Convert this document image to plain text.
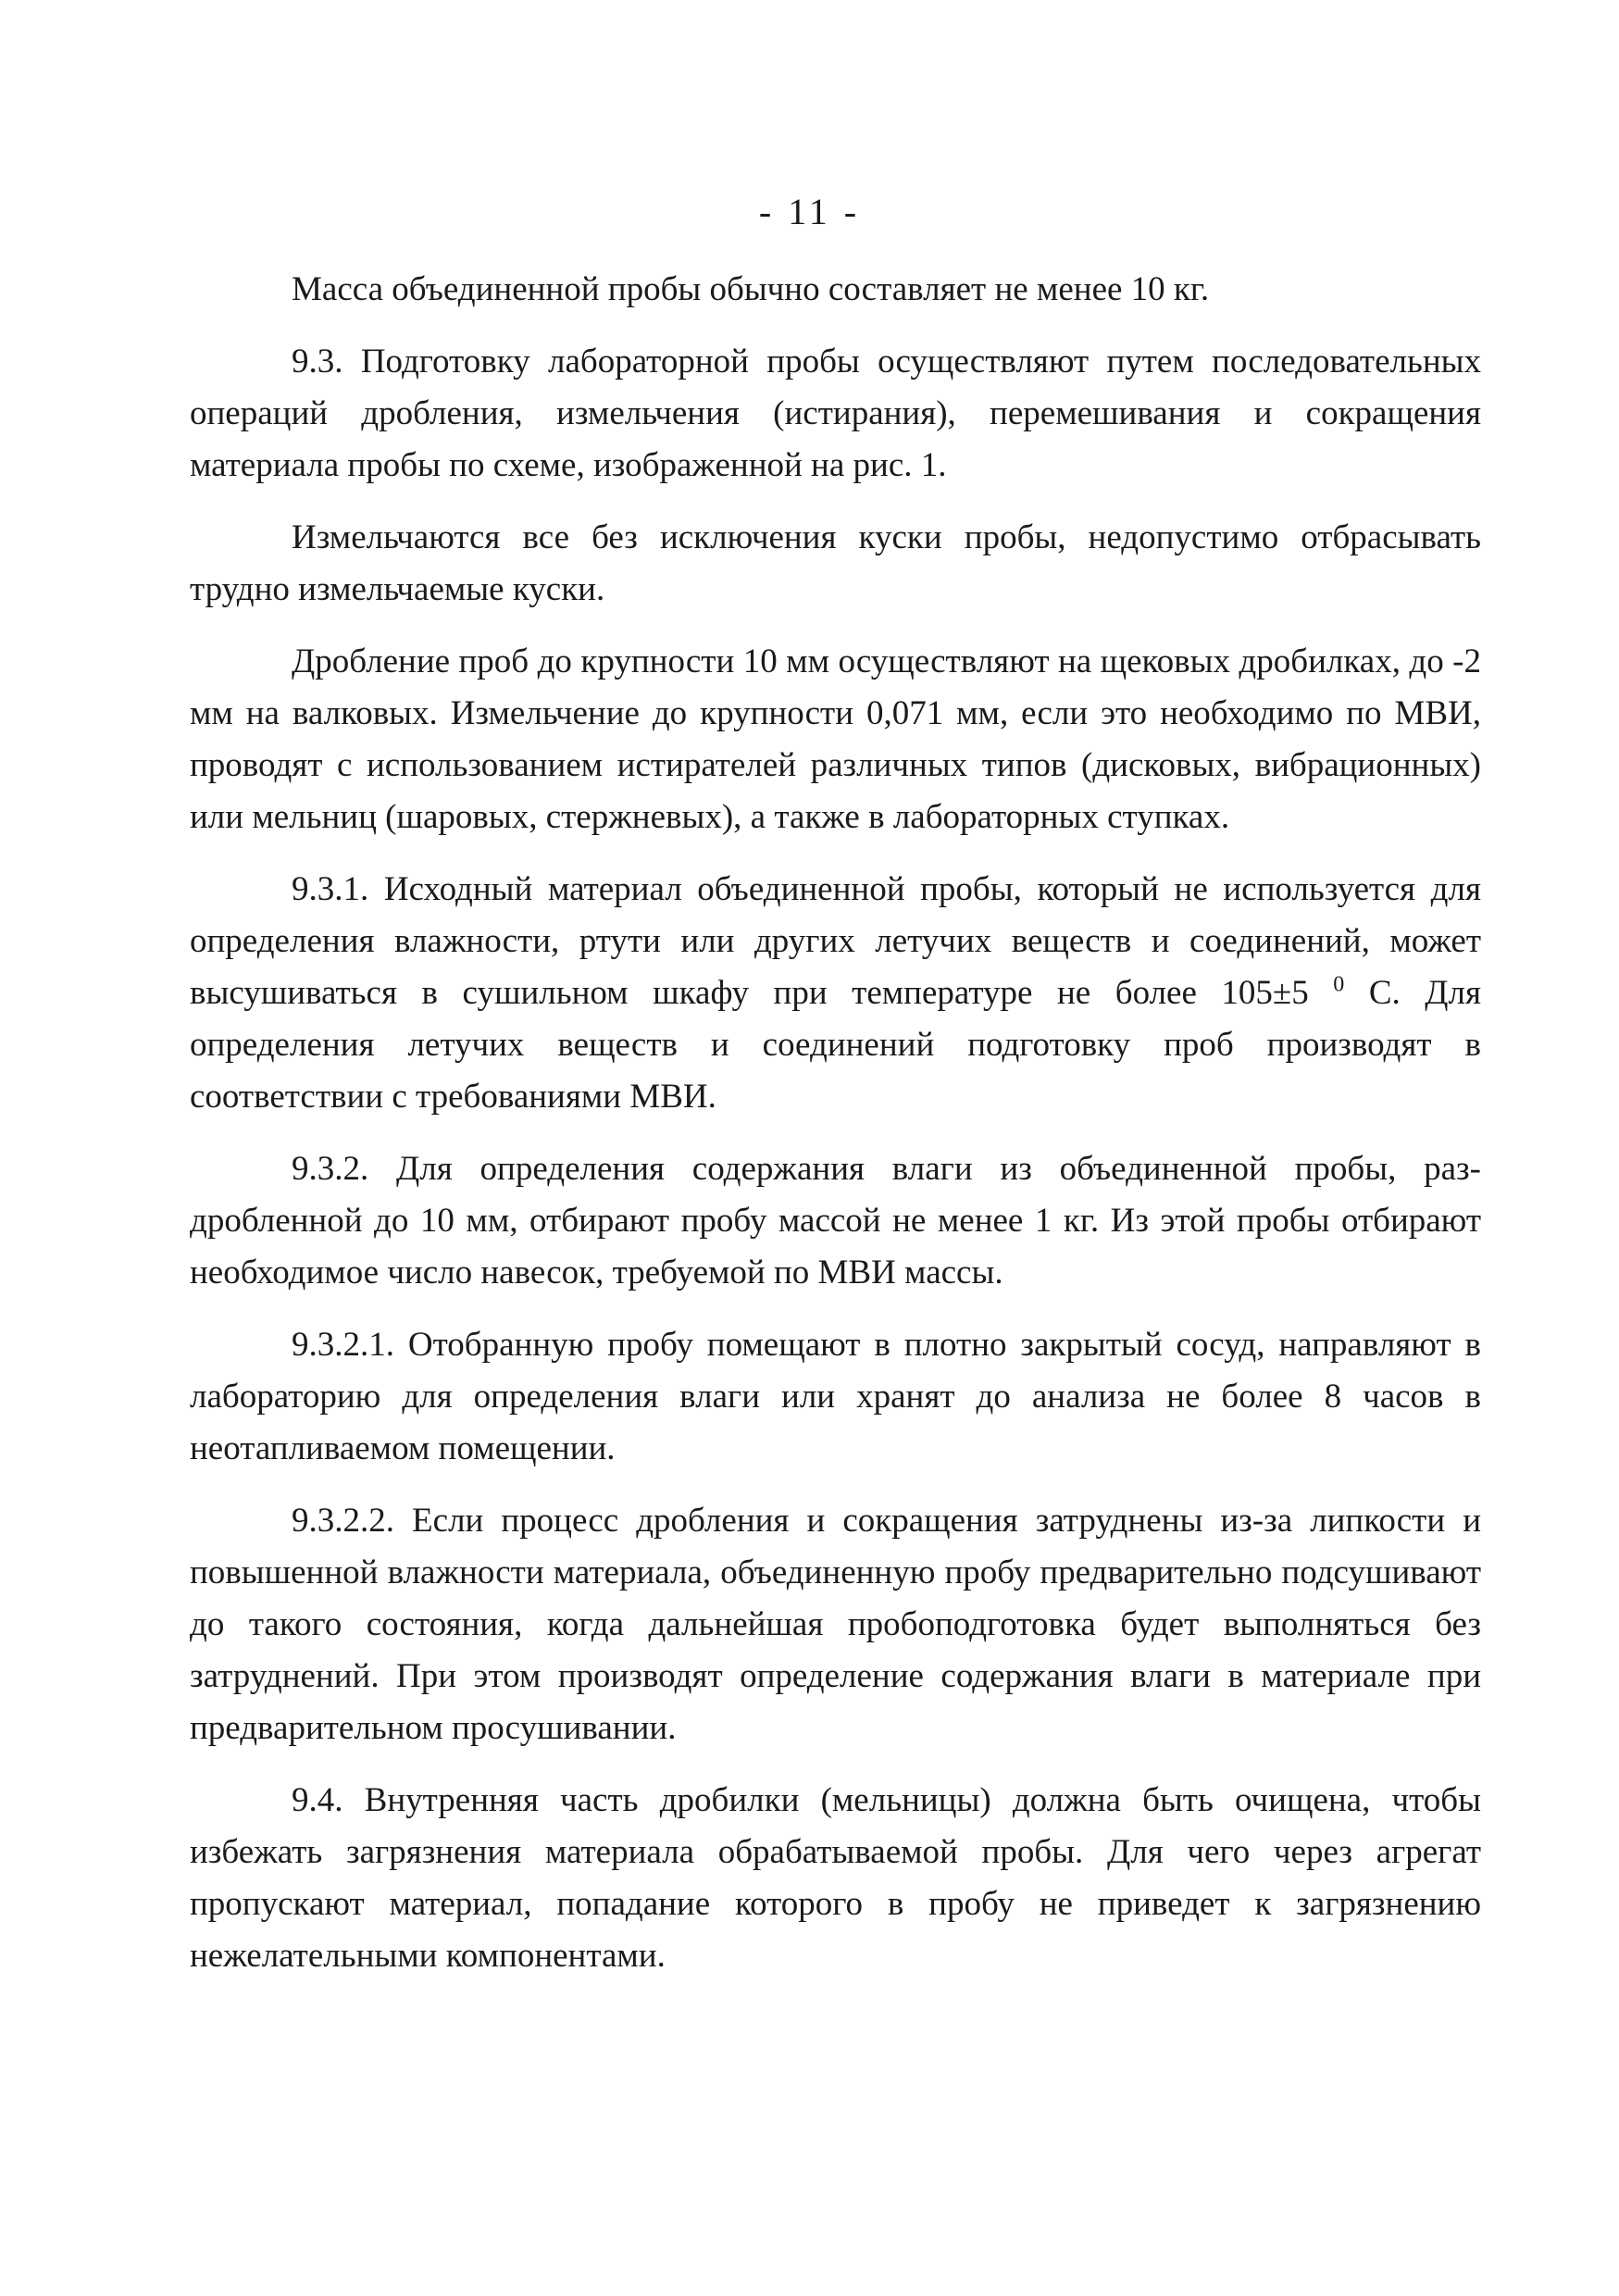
- 11 -

Масса объединенной пробы обычно составляет не менее 10 кг.

9.3. Подготовку лабораторной пробы осуществляют путем последовательных операций дробления, измельчения (истирания), перемешивания и сокращения материала пробы по схеме, изображенной на рис. 1.

Измельчаются все без исключения куски пробы, недопустимо отбрасывать трудно измельчаемые куски.

Дробление проб до крупности 10 мм осуществляют на щековых дробилках, до -2 мм на валковых. Измельчение до крупности 0,071 мм, если это необходимо по МВИ, проводят с использованием истирателей различных типов (дисковых, вибрационных) или мельниц (шаровых, стержневых), а также в лабораторных ступках.

9.3.1. Исходный материал объединенной пробы, который не используется для определения влажности, ртути или других летучих веществ и соединений, может высушиваться в сушильном шкафу при температуре не более 105±5 $^0$ С. Для определения летучих веществ и соединений подготовку проб производят в соответствии с требованиями МВИ.

9.3.2. Для определения содержания влаги из объединенной пробы, раздробленной до 10 мм, отбирают пробу массой не менее 1 кг. Из этой пробы отбирают необходимое число навесок, требуемой по МВИ массы.

9.3.2.1. Отобранную пробу помещают в плотно закрытый сосуд, направляют в лабораторию для определения влаги или хранят до анализа не более 8 часов в неотапливаемом помещении.

9.3.2.2. Если процесс дробления и сокращения затруднены из-за липкости и повышенной влажности материала, объединенную пробу предварительно подсушивают до такого состояния, когда дальнейшая пробоподготовка будет выполняться без затруднений. При этом производят определение содержания влаги в материале при предварительном просушивании.

9.4. Внутренняя часть дробилки (мельницы) должна быть очищена, чтобы избежать загрязнения материала обрабатываемой пробы. Для чего через агрегат пропускают материал, попадание которого в пробу не приведет к загрязнению нежелательными компонентами.
